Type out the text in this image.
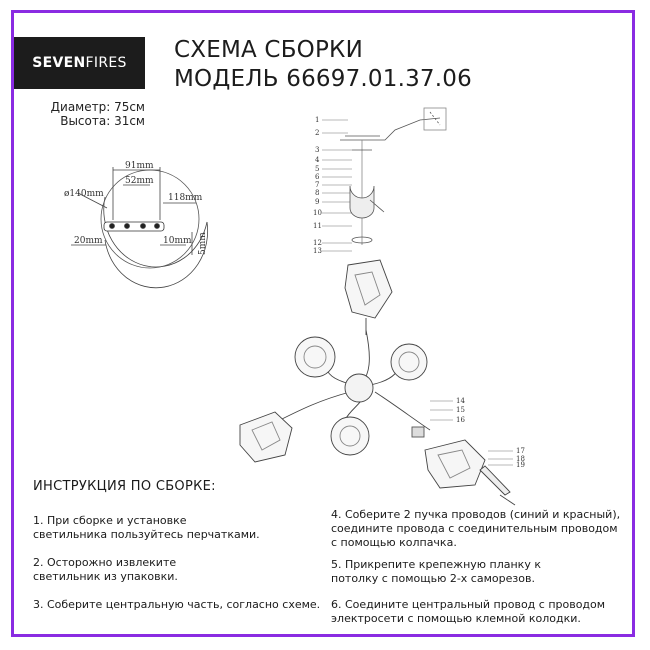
SEVEN FIRES СХЕМА СБОРКИ
МОДЕЛЬ 66697.01.37.06
Диаметр: 75см
Высота: 31см
ø140mm
91mm
52mm
118mm
20mm	10mm 5mm
1
2
3
4
5
6
7
8
9
10
11
12
13
14
15
16
17
18
19
ИНСТРУКЦИЯ ПО СБОРКЕ:
1. При сборке и установке
светильника пользуйтесь перчатками.
2. Осторожно извлеките
светильник из упаковки.
3. Соберите центральную часть, согласно схеме.
4. Соберите 2 пучка проводов (синий и красный),
соедините провода с соединительным проводом
с помощью колпачка.
5. Прикрепите крепежную планку к
потолку с помощью 2-х саморезов.
6. Соедините центральный провод с проводом
электросети с помощью клемной колодки.
